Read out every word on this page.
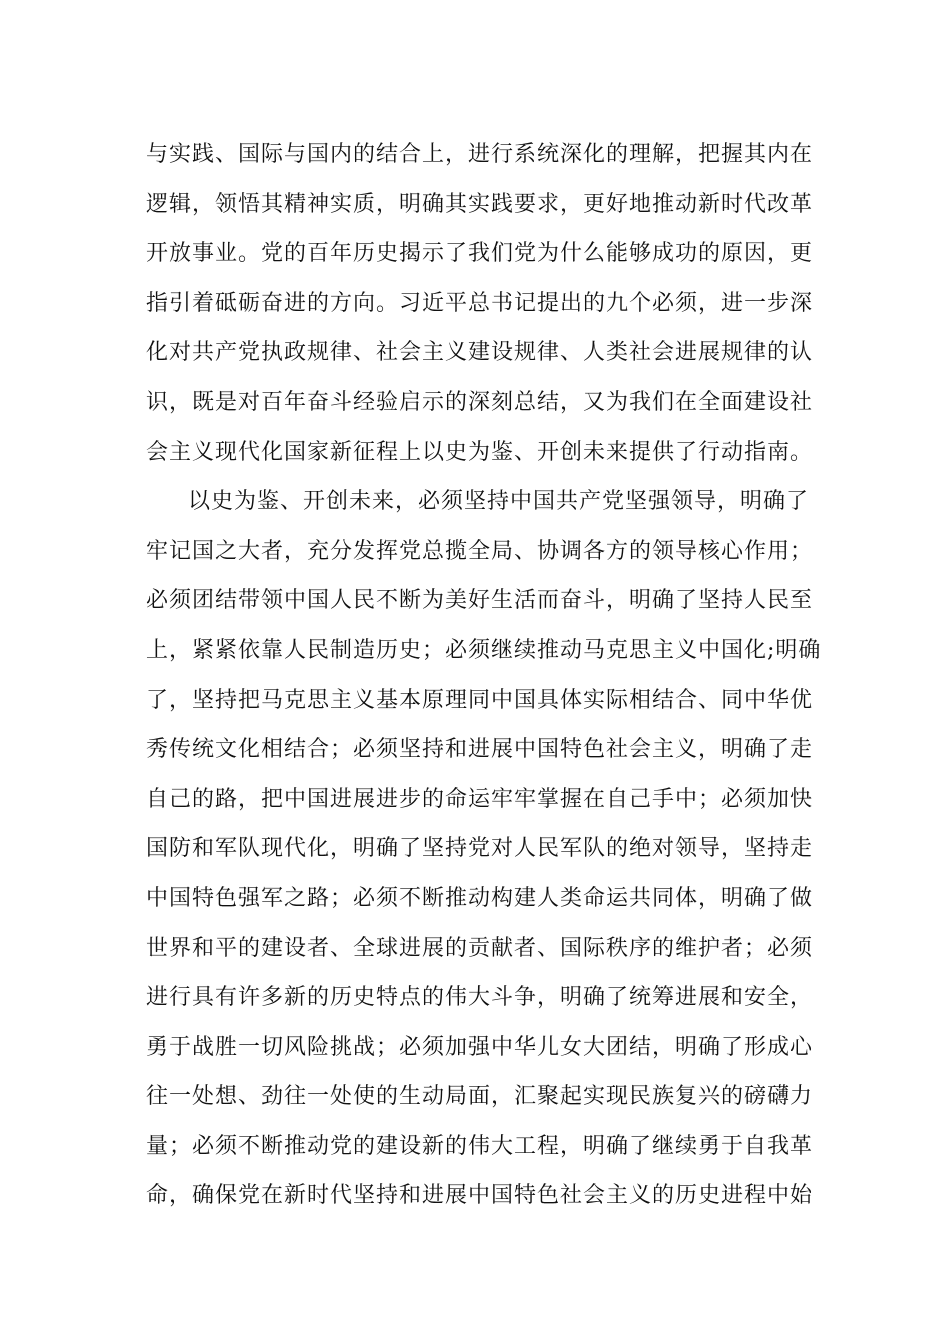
与实践、国际与国内的结合上，进行系统深化的理解，把握其内在
逻辑，领悟其精神实质，明确其实践要求，更好地推动新时代改革
开放事业。党的百年历史揭示了我们党为什么能够成功的原因，更
指引着砥砺奋进的方向。习近平总书记提出的九个必须，进一步深
化对共产党执政规律、社会主义建设规律、人类社会进展规律的认
识，既是对百年奋斗经验启示的深刻总结，又为我们在全面建设社
会主义现代化国家新征程上以史为鉴、开创未来提供了行动指南。
以史为鉴、开创未来，必须坚持中国共产党坚强领导，明确了
牢记国之大者，充分发挥党总揽全局、协调各方的领导核心作用；
必须团结带领中国人民不断为美好生活而奋斗，明确了坚持人民至
上，紧紧依靠人民制造历史；必须继续推动马克思主义中国化;明确
了，坚持把马克思主义基本原理同中国具体实际相结合、同中华优
秀传统文化相结合；必须坚持和进展中国特色社会主义，明确了走
自己的路，把中国进展进步的命运牢牢掌握在自己手中；必须加快
国防和军队现代化，明确了坚持党对人民军队的绝对领导，坚持走
中国特色强军之路；必须不断推动构建人类命运共同体，明确了做
世界和平的建设者、全球进展的贡献者、国际秩序的维护者；必须
进行具有许多新的历史特点的伟大斗争，明确了统筹进展和安全，
勇于战胜一切风险挑战；必须加强中华儿女大团结，明确了形成心
往一处想、劲往一处使的生动局面，汇聚起实现民族复兴的磅礴力
量；必须不断推动党的建设新的伟大工程，明确了继续勇于自我革
命，确保党在新时代坚持和进展中国特色社会主义的历史进程中始
